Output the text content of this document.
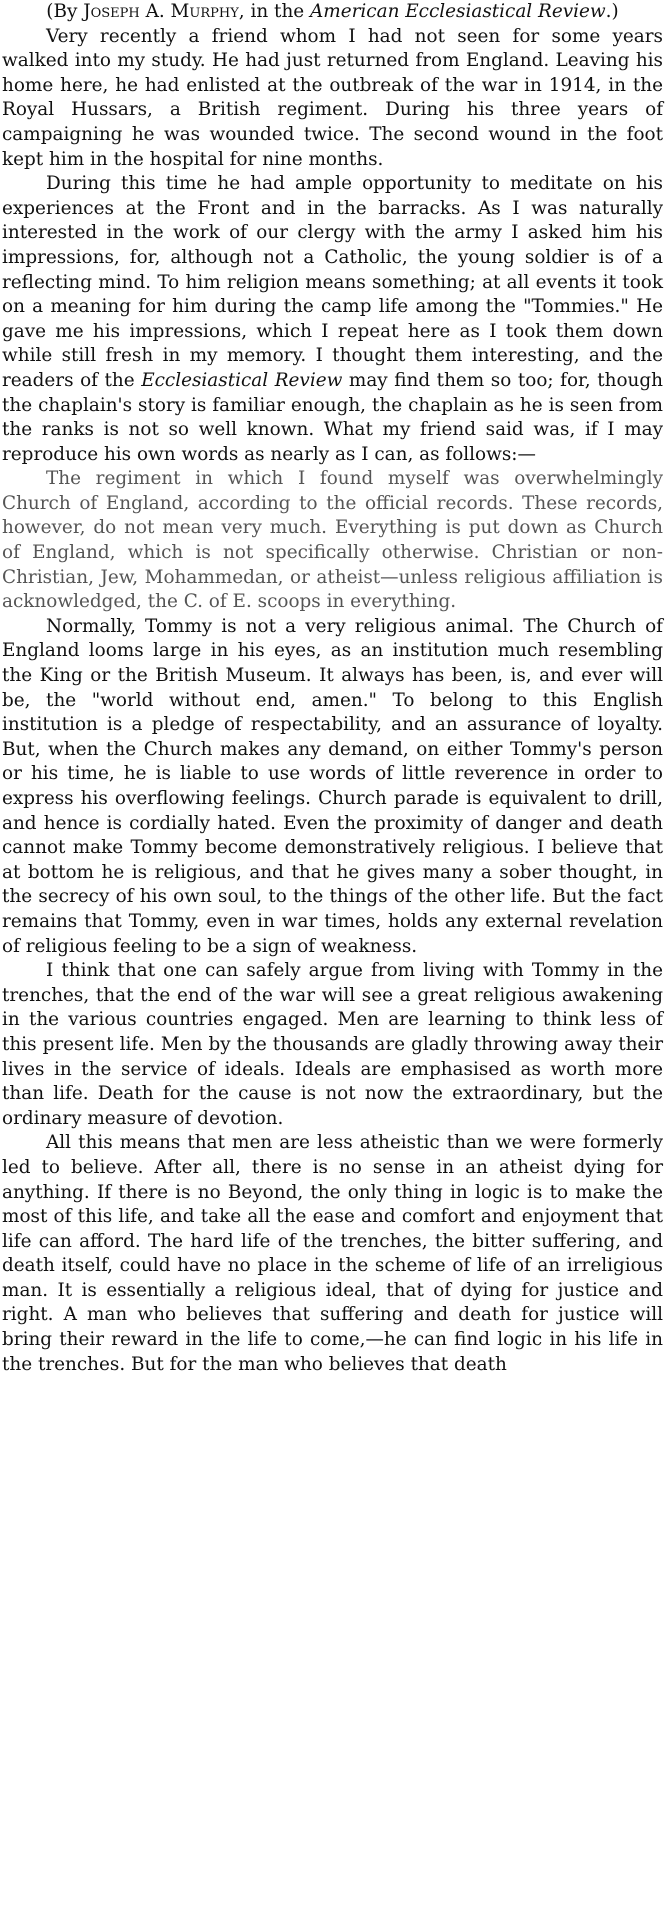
(By Joseph A. Murphy, in the American Ecclesiastical Review.)

Very recently a friend whom I had not seen for some years walked into my study. He had just returned from England. Leaving his home here, he had enlisted at the outbreak of the war in 1914, in the Royal Hussars, a British regiment. During his three years of campaigning he was wounded twice. The second wound in the foot kept him in the hospital for nine months.

During this time he had ample opportunity to meditate on his experiences at the Front and in the barracks. As I was naturally interested in the work of our clergy with the army I asked him his impressions, for, although not a Catholic, the young soldier is of a reflecting mind. To him religion means something; at all events it took on a meaning for him during the camp life among the "Tommies." He gave me his impressions, which I repeat here as I took them down while still fresh in my memory. I thought them interesting, and the readers of the Ecclesiastical Review may find them so too; for, though the chaplain's story is familiar enough, the chaplain as he is seen from the ranks is not so well known. What my friend said was, if I may reproduce his own words as nearly as I can, as follows:—

The regiment in which I found myself was overwhelmingly Church of England, according to the official records. These records, however, do not mean very much. Everything is put down as Church of England, which is not specifically otherwise. Christian or non-Christian, Jew, Mohammedan, or atheist—unless religious affiliation is acknowledged, the C. of E. scoops in everything.

Normally, Tommy is not a very religious animal. The Church of England looms large in his eyes, as an institution much resembling the King or the British Museum. It always has been, is, and ever will be, the "world without end, amen." To belong to this English institution is a pledge of respectability, and an assurance of loyalty. But, when the Church makes any demand, on either Tommy's person or his time, he is liable to use words of little reverence in order to express his overflowing feelings. Church parade is equivalent to drill, and hence is cordially hated. Even the proximity of danger and death cannot make Tommy become demonstratively religious. I believe that at bottom he is religious, and that he gives many a sober thought, in the secrecy of his own soul, to the things of the other life. But the fact remains that Tommy, even in war times, holds any external revelation of religious feeling to be a sign of weakness.

I think that one can safely argue from living with Tommy in the trenches, that the end of the war will see a great religious awakening in the various countries engaged. Men are learning to think less of this present life. Men by the thousands are gladly throwing away their lives in the service of ideals. Ideals are emphasised as worth more than life. Death for the cause is not now the extraordinary, but the ordinary measure of devotion.

All this means that men are less atheistic than we were formerly led to believe. After all, there is no sense in an atheist dying for anything. If there is no Beyond, the only thing in logic is to make the most of this life, and take all the ease and comfort and enjoyment that life can afford. The hard life of the trenches, the bitter suffering, and death itself, could have no place in the scheme of life of an irreligious man. It is essentially a religious ideal, that of dying for justice and right. A man who believes that suffering and death for justice will bring their reward in the life to come,—he can find logic in his life in the trenches. But for the man who believes that death
